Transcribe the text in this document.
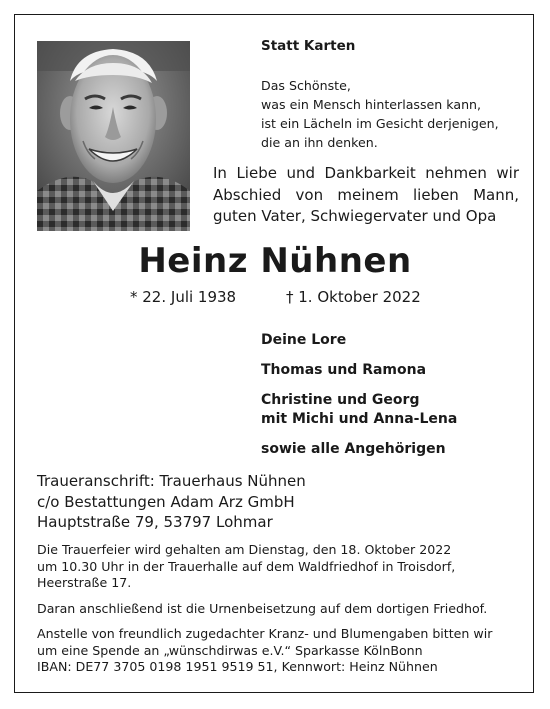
Statt Karten

Das Schönste,
was ein Mensch hinterlassen kann,
ist ein Lächeln im Gesicht derjenigen,
die an ihn denken.
In Liebe und Dankbarkeit nehmen wir
Abschied von meinem lieben Mann,
guten Vater, Schwiegervater und Opa

Heinz Nühnen

* 22. Juli 1938	† 1. Oktober 2022

Deine Lore
Thomas und Ramona
Christine und Georg
mit Michi und Anna-Lena
sowie alle Angehörigen
Traueranschrift: Trauerhaus Nühnen
c/o Bestattungen Adam Arz GmbH
Hauptstraße 79, 53797 Lohmar
Die Trauerfeier wird gehalten am Dienstag, den 18. Oktober 2022
um 10.30 Uhr in der Trauerhalle auf dem Waldfriedhof in Troisdorf,
Heerstraße 17.
Daran anschließend ist die Urnenbeisetzung auf dem dortigen Friedhof.
Anstelle von freundlich zugedachter Kranz- und Blumengaben bitten wir
um eine Spende an „wünschdirwas e.V.“ Sparkasse KölnBonn
IBAN: DE77 3705 0198 1951 9519 51, Kennwort: Heinz Nühnen
